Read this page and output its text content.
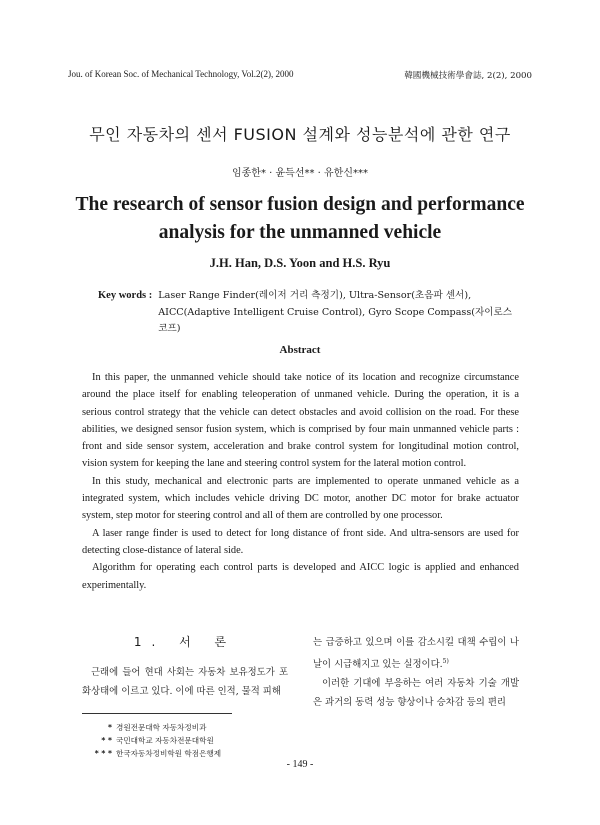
Jou. of Korean Soc. of Mechanical Technology, Vol.2(2), 2000	韓國機械技術學會誌, 2(2), 2000
무인 자동차의 센서 FUSION 설계와 성능분석에 관한 연구
임종한* · 윤득선** · 유한신***
The research of sensor fusion design and performance analysis for the unmanned vehicle
J.H. Han, D.S. Yoon and H.S. Ryu
Key words : Laser Range Finder(레이저 거리 측정기), Ultra-Sensor(초음파 센서), AICC(Adaptive Intelligent Cruise Control), Gyro Scope Compass(자이로스코프)
Abstract

In this paper, the unmanned vehicle should take notice of its location and recognize circumstance around the place itself for enabling teleoperation of unmaned vehicle. During the operation, it is a serious control strategy that the vehicle can detect obstacles and avoid collision on the road. For these abilities, we designed sensor fusion system, which is comprised by four main unmanned vehicle parts : front and side sensor system, acceleration and brake control system for longitudinal motion control, vision system for keeping the lane and steering control system for the lateral motion control.

In this study, mechanical and electronic parts are implemented to operate unmaned vehicle as a integrated system, which includes vehicle driving DC motor, another DC motor for brake actuator system, step motor for steering control and all of them are controlled by one processor.

A laser range finder is used to detect for long distance of front side. And ultra-sensors are used for detecting close-distance of lateral side.

Algorithm for operating each control parts is developed and AICC logic is applied and enhanced experimentally.

1. 서 론

근래에 들어 현대 사회는 자동차 보유정도가 포화상태에 이르고 있다. 이에 따른 인적, 물적 피해

* 경원전문대학 자동차정비과
* * 국민대학교 자동차전문대학원
* * * 한국자동차정비학원 학점은행제

는 급증하고 있으며 이를 감소시킬 대책 수립이 나날이 시급해지고 있는 실정이다.$^{5)}$

이러한 기대에 부응하는 여러 자동차 기술 개발은 과거의 동력 성능 향상이나 승차감 등의 편리

- 149 -
